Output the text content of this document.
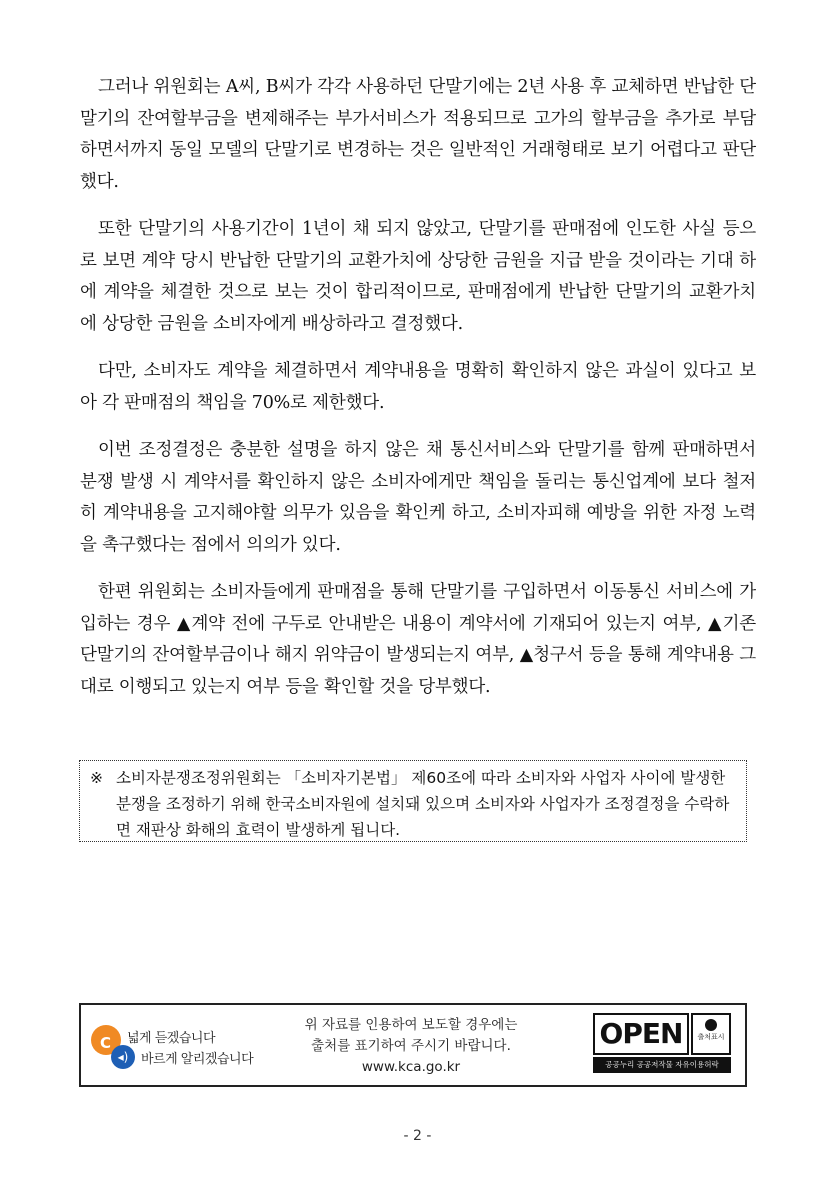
그러나 위원회는 A씨, B씨가 각각 사용하던 단말기에는 2년 사용 후 교체하면 반납한 단말기의 잔여할부금을 변제해주는 부가서비스가 적용되므로 고가의 할부금을 추가로 부담하면서까지 동일 모델의 단말기로 변경하는 것은 일반적인 거래형태로 보기 어렵다고 판단했다.

또한 단말기의 사용기간이 1년이 채 되지 않았고, 단말기를 판매점에 인도한 사실 등으로 보면 계약 당시 반납한 단말기의 교환가치에 상당한 금원을 지급 받을 것이라는 기대 하에 계약을 체결한 것으로 보는 것이 합리적이므로, 판매점에게 반납한 단말기의 교환가치에 상당한 금원을 소비자에게 배상하라고 결정했다.

다만, 소비자도 계약을 체결하면서 계약내용을 명확히 확인하지 않은 과실이 있다고 보아 각 판매점의 책임을 70%로 제한했다.

이번 조정결정은 충분한 설명을 하지 않은 채 통신서비스와 단말기를 함께 판매하면서 분쟁 발생 시 계약서를 확인하지 않은 소비자에게만 책임을 돌리는 통신업계에 보다 철저히 계약내용을 고지해야할 의무가 있음을 확인케 하고, 소비자피해 예방을 위한 자정 노력을 촉구했다는 점에서 의의가 있다.

한편 위원회는 소비자들에게 판매점을 통해 단말기를 구입하면서 이동통신 서비스에 가입하는 경우 ▲계약 전에 구두로 안내받은 내용이 계약서에 기재되어 있는지 여부, ▲기존 단말기의 잔여할부금이나 해지 위약금이 발생되는지 여부, ▲청구서 등을 통해 계약내용 그대로 이행되고 있는지 여부 등을 확인할 것을 당부했다.

※ 소비자분쟁조정위원회는 「소비자기본법」 제60조에 따라 소비자와 사업자 사이에 발생한 분쟁을 조정하기 위해 한국소비자원에 설치돼 있으며 소비자와 사업자가 조정결정을 수락하면 재판상 화해의 효력이 발생하게 됩니다.
C
◂)
넓게 듣겠습니다
바르게 알리겠습니다
위 자료를 인용하여 보도할 경우에는
출처를 표기하여 주시기 바랍니다.
www.kca.go.kr
OPEN	출처표시
공공누리 공공저작물 자유이용허락
- 2 -
